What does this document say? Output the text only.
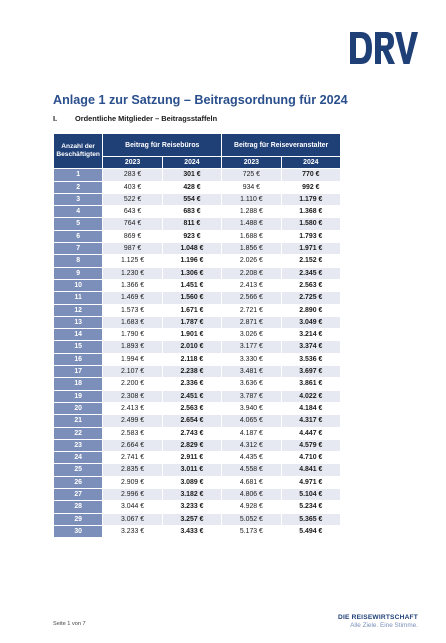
Anlage 1 zur Satzung – Beitragsordnung für 2024
I. Ordentliche Mitglieder – Beitragsstaffeln
Anzahl der
Beschäftigten	Beitrag für Reisebüros		Beitrag für Reiseveranstalter	
	2023	2024	2023	2024
1	283 €	301 €	725 €	770 €
2	403 €	428 €	934 €	992 €
3	522 €	554 €	1.110 €	1.179 €
4	643 €	683 €	1.288 €	1.368 €
5	764 €	811 €	1.488 €	1.580 €
6	869 €	923 €	1.688 €	1.793 €
7	987 €	1.048 €	1.856 €	1.971 €
8	1.125 €	1.196 €	2.026 €	2.152 €
9	1.230 €	1.306 €	2.208 €	2.345 €
10	1.366 €	1.451 €	2.413 €	2.563 €
11	1.469 €	1.560 €	2.566 €	2.725 €
12	1.573 €	1.671 €	2.721 €	2.890 €
13	1.683 €	1.787 €	2.871 €	3.049 €
14	1.790 €	1.901 €	3.026 €	3.214 €
15	1.893 €	2.010 €	3.177 €	3.374 €
16	1.994 €	2.118 €	3.330 €	3.536 €
17	2.107 €	2.238 €	3.481 €	3.697 €
18	2.200 €	2.336 €	3.636 €	3.861 €
19	2.308 €	2.451 €	3.787 €	4.022 €
20	2.413 €	2.563 €	3.940 €	4.184 €
21	2.499 €	2.654 €	4.065 €	4.317 €
22	2.583 €	2.743 €	4.187 €	4.447 €
23	2.664 €	2.829 €	4.312 €	4.579 €
24	2.741 €	2.911 €	4.435 €	4.710 €
25	2.835 €	3.011 €	4.558 €	4.841 €
26	2.909 €	3.089 €	4.681 €	4.971 €
27	2.996 €	3.182 €	4.806 €	5.104 €
28	3.044 €	3.233 €	4.928 €	5.234 €
29	3.067 €	3.257 €	5.052 €	5.365 €
30	3.233 €	3.433 €	5.173 €	5.494 €
Seite 1 von 7
DIE REISEWIRTSCHAFT
Alle Ziele. Eine Stimme.
